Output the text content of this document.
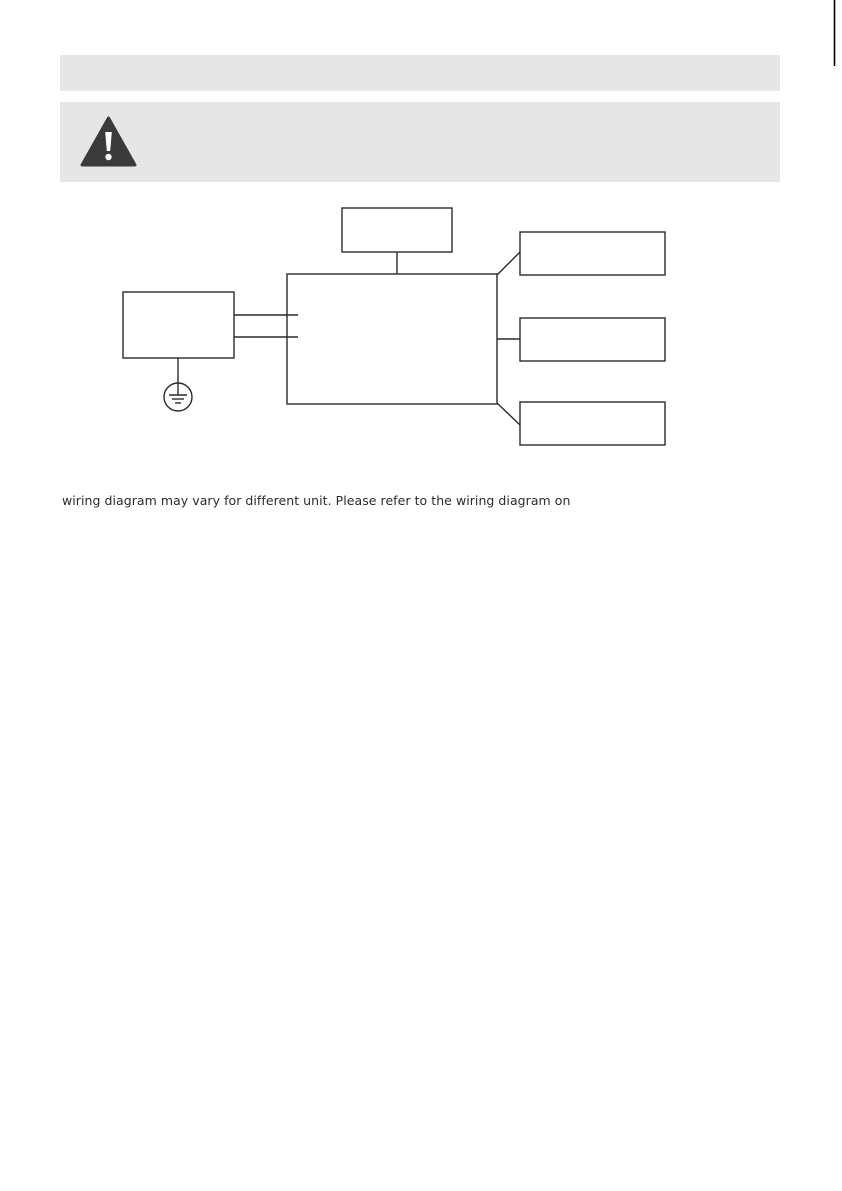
wiring diagram may vary for different unit. Please refer to the wiring diagram on
